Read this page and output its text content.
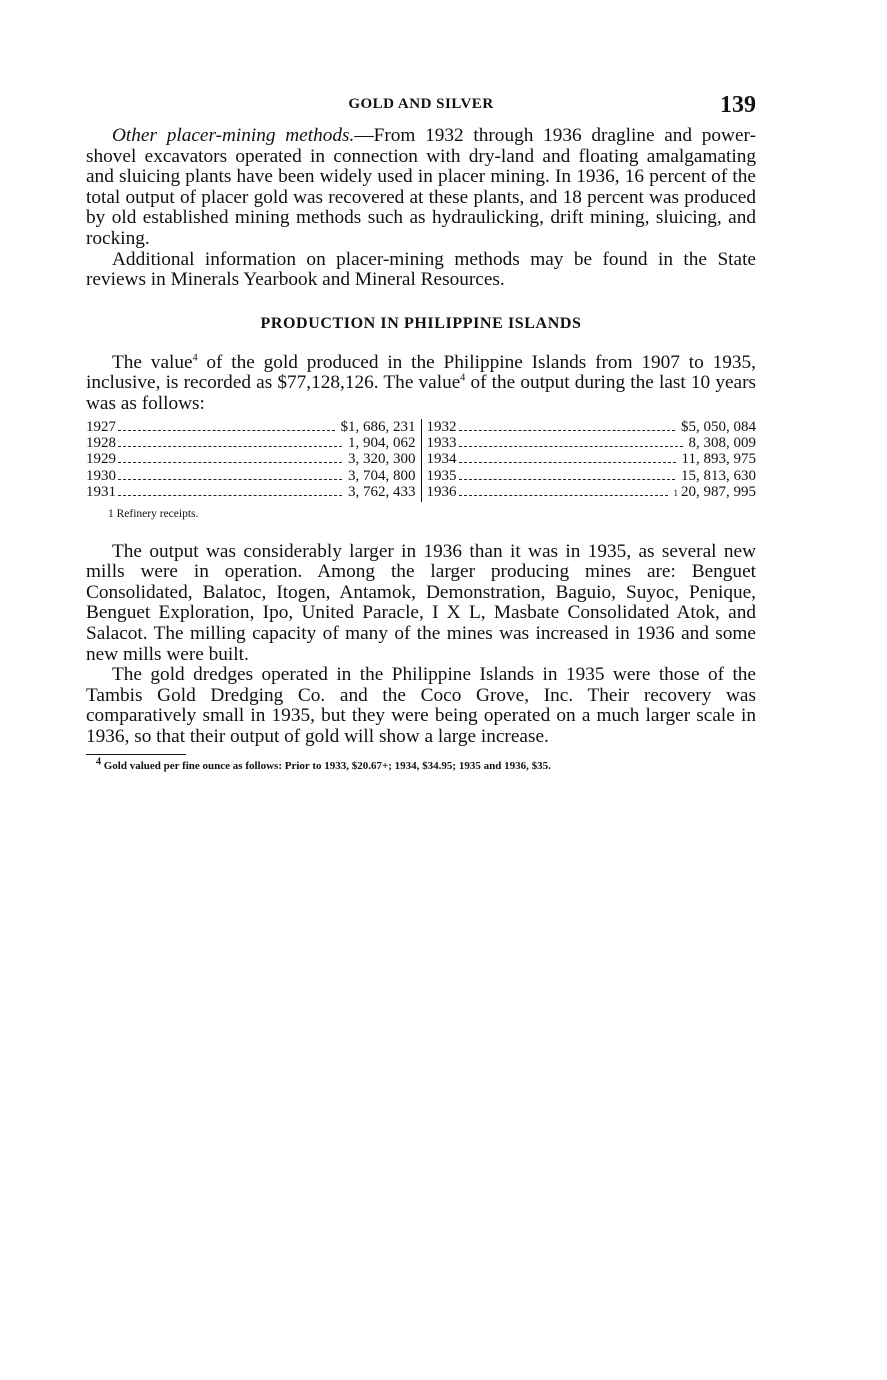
GOLD AND SILVER	139

Other placer-mining methods.—From 1932 through 1936 dragline and power-shovel excavators operated in connection with dry-land and floating amalgamating and sluicing plants have been widely used in placer mining. In 1936, 16 percent of the total output of placer gold was recovered at these plants, and 18 percent was produced by old established mining methods such as hydraulicking, drift mining, sluicing, and rocking.

Additional information on placer-mining methods may be found in the State reviews in Minerals Yearbook and Mineral Resources.

PRODUCTION IN PHILIPPINE ISLANDS

The value$^4$ of the gold produced in the Philippine Islands from 1907 to 1935, inclusive, is recorded as $77,128,126. The value$^4$ of the output during the last 10 years was as follows:

1927	$1, 686, 231
1928	1, 904, 062
1929	3, 320, 300
1930	3, 704, 800
1931	3, 762, 433
1932	$5, 050, 084
1933	8, 308, 009
1934	11, 893, 975
1935	15, 813, 630
1936	1 20, 987, 995
1 Refinery receipts.

The output was considerably larger in 1936 than it was in 1935, as several new mills were in operation. Among the larger producing mines are: Benguet Consolidated, Balatoc, Itogen, Antamok, Demonstration, Baguio, Suyoc, Penique, Benguet Exploration, Ipo, United Paracle, I X L, Masbate Consolidated Atok, and Salacot. The milling capacity of many of the mines was increased in 1936 and some new mills were built.

The gold dredges operated in the Philippine Islands in 1935 were those of the Tambis Gold Dredging Co. and the Coco Grove, Inc. Their recovery was comparatively small in 1935, but they were being operated on a much larger scale in 1936, so that their output of gold will show a large increase.

4 Gold valued per fine ounce as follows: Prior to 1933, $20.67+; 1934, $34.95; 1935 and 1936, $35.
